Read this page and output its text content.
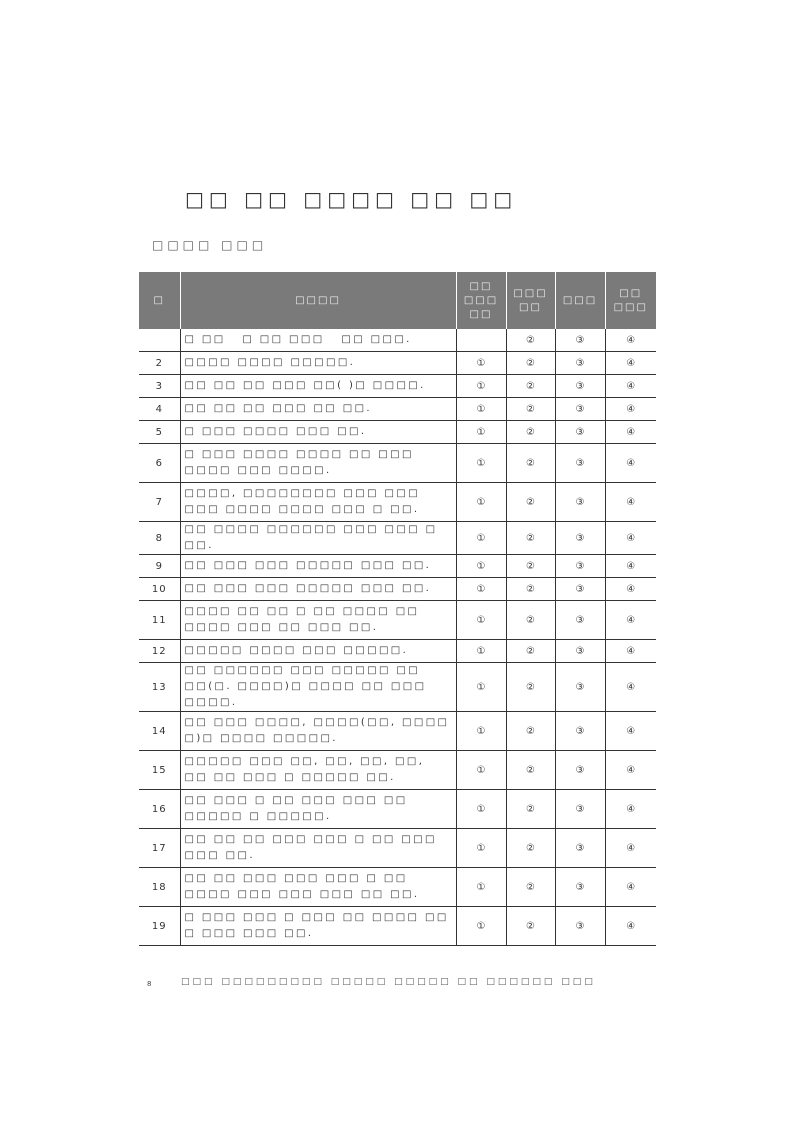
□□ □□ □□□□ □□ □□
□□□□ □□□
□	□□□□	□□ □□□ □□	□□□ □□	□□□	□□ □□□
	□ □□   □ □□ □□□   □□ □□□.		②	③	④
2	□□□□ □□□□ □□□□□.	①	②	③	④
3	□□ □□ □□ □□□ □□( )□ □□□□.	①	②	③	④
4	□□ □□ □□ □□□ □□ □□.	①	②	③	④
5	□ □□□ □□□□ □□□ □□.	①	②	③	④
6	□ □□□ □□□□ □□□□ □□ □□□ □□□□ □□□ □□□□.	①	②	③	④
7	□□□□, □□□□□□□□ □□□ □□□ □□□ □□□□ □□□□ □□□ □ □□.	①	②	③	④
8	□□ □□□□ □□□□□□ □□□ □□□ □ □□.	①	②	③	④
9	□□ □□□ □□□ □□□□□ □□□ □□.	①	②	③	④
10	□□ □□□ □□□ □□□□□ □□□ □□.	①	②	③	④
11	□□□□ □□ □□ □ □□ □□□□ □□ □□□□ □□□ □□ □□□ □□.	①	②	③	④
12	□□□□□ □□□□ □□□ □□□□□.	①	②	③	④
13	□□ □□□□□□ □□□ □□□□□ □□ □□(□. □□□□)□ □□□□ □□ □□□ □□□□.	①	②	③	④
14	□□ □□□ □□□□, □□□□(□□, □□□□ □)□ □□□□ □□□□□.	①	②	③	④
15	□□□□□ □□□ □□, □□, □□, □□, □□ □□ □□□ □ □□□□□ □□.	①	②	③	④
16	□□ □□□ □ □□ □□□ □□□ □□ □□□□□ □ □□□□□.	①	②	③	④
17	□□ □□ □□ □□□ □□□ □ □□ □□□ □□□ □□.	①	②	③	④
18	□□ □□ □□□ □□□ □□□ □ □□ □□□□ □□□ □□□ □□□ □□ □□.	①	②	③	④
19	□ □□□ □□□ □ □□□ □□ □□□□ □□ □ □□□ □□□ □□.	①	②	③	④
8	□□□ □□□□□□□□□ □□□□□ □□□□□ □□ □□□□□□ □□□
